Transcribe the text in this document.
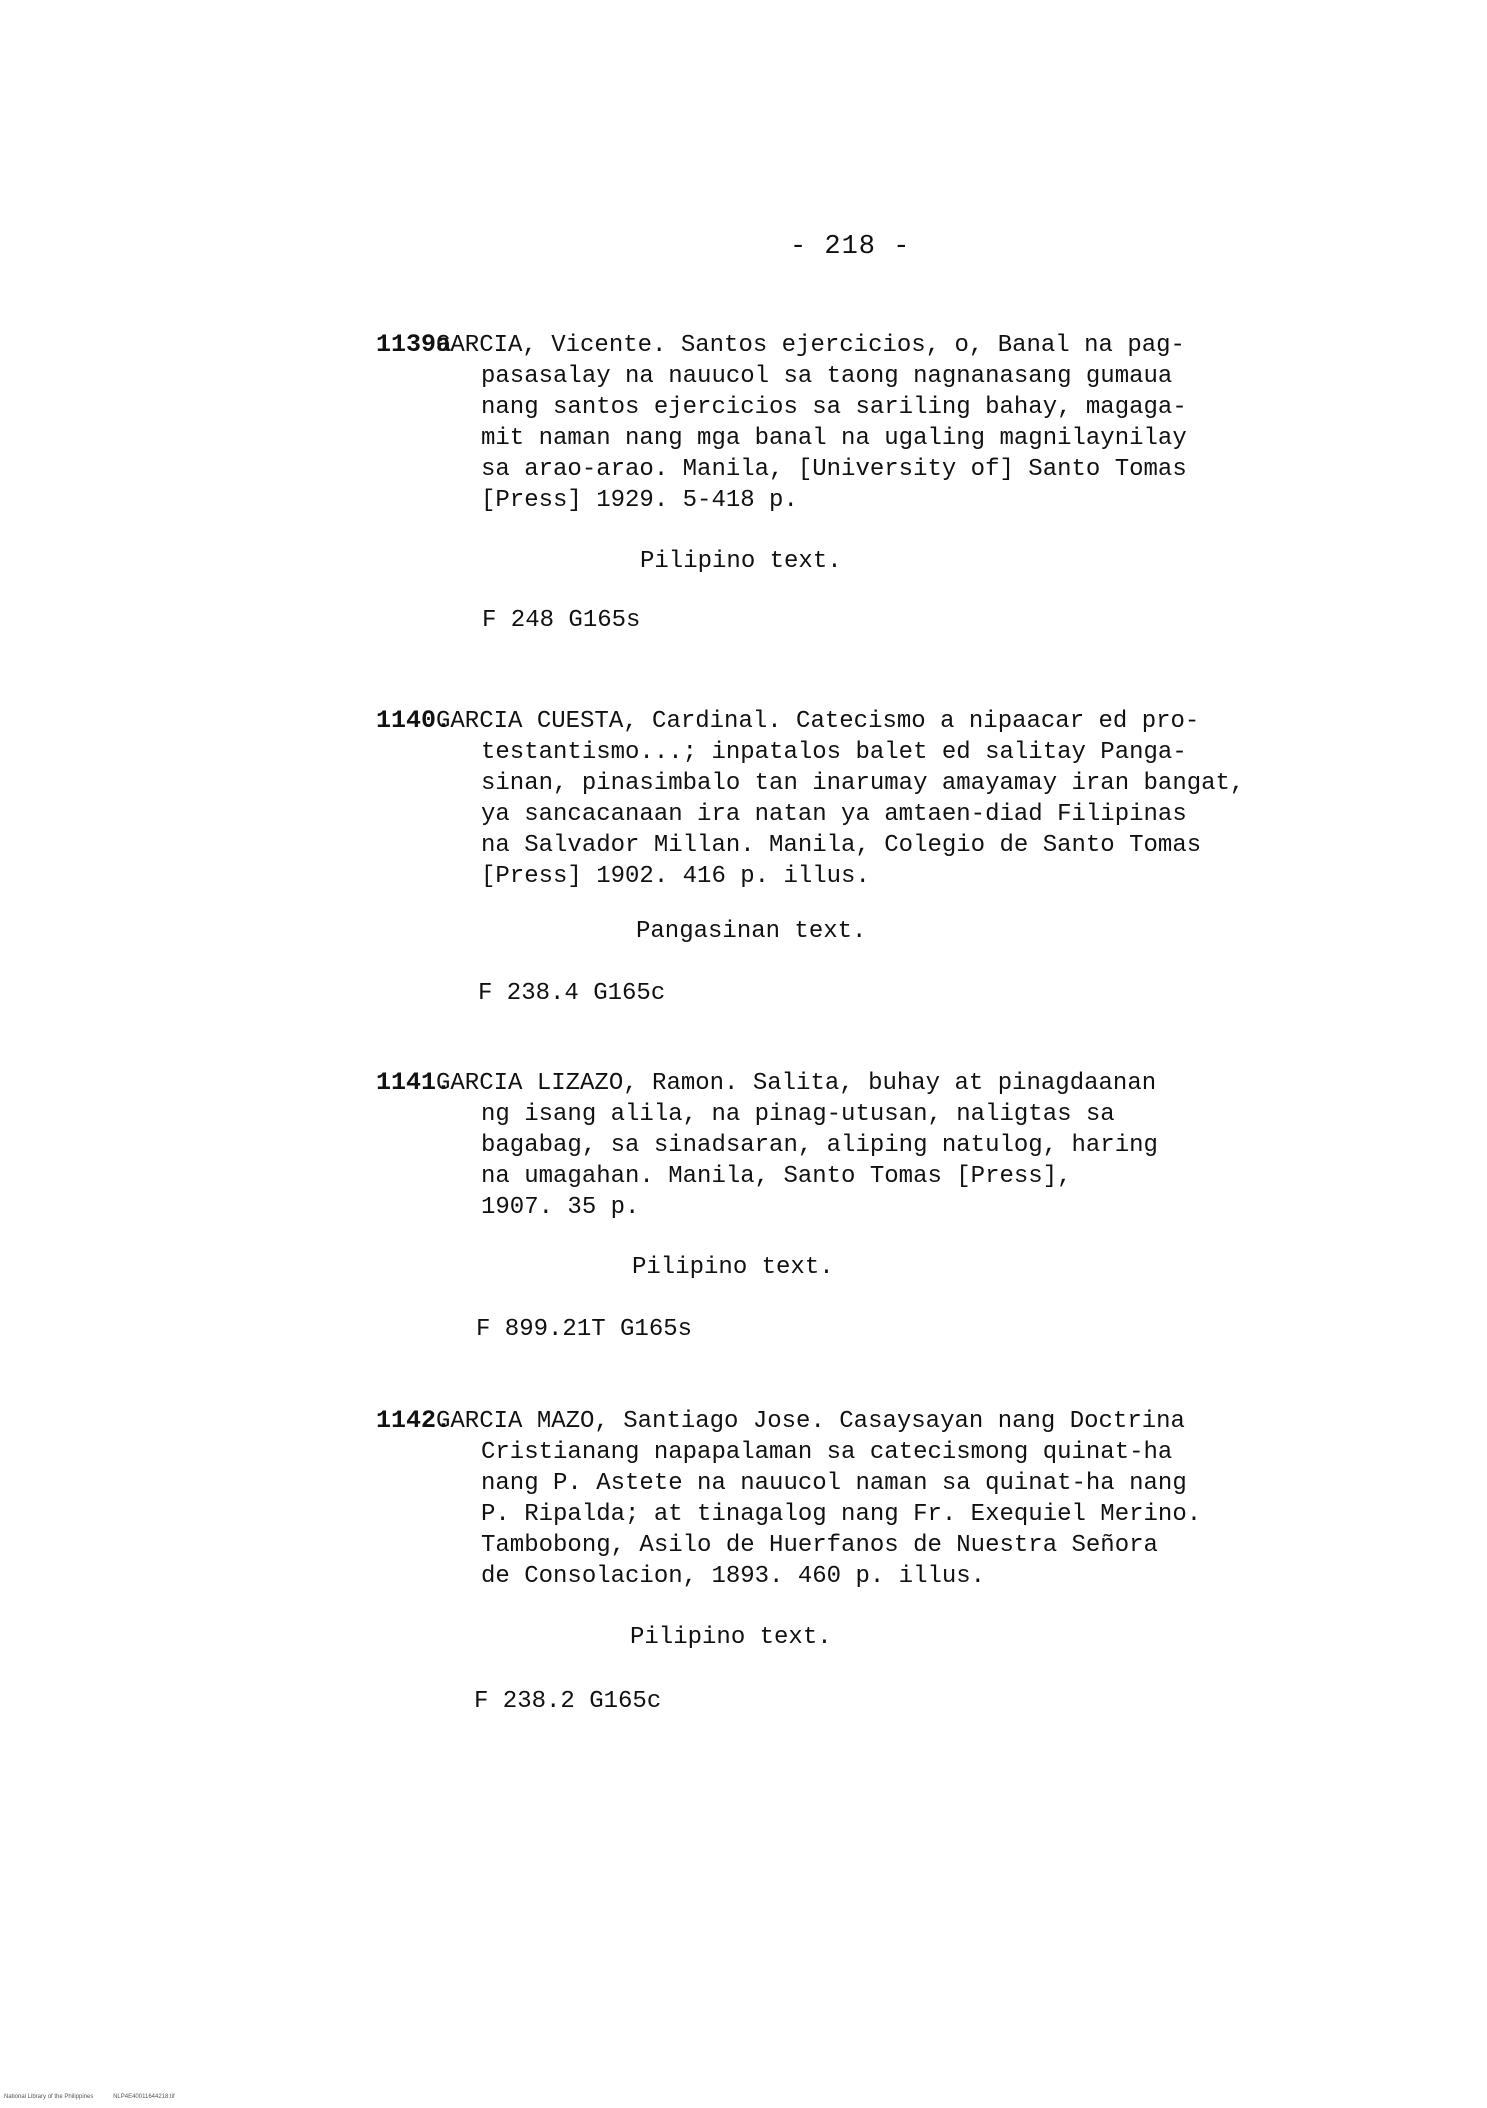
- 218 -
1139a
GARCIA, Vicente. Santos ejercicios, o, Banal na pag-
pasasalay na nauucol sa taong nagnanasang gumaua
nang santos ejercicios sa sariling bahay, magaga-
mit naman nang mga banal na ugaling magnilaynilay
sa arao-arao. Manila, [University of] Santo Tomas
[Press] 1929. 5-418 p.
Pilipino text.
F 248 G165s
1140.
GARCIA CUESTA, Cardinal. Catecismo a nipaacar ed pro-
testantismo...; inpatalos balet ed salitay Panga-
sinan, pinasimbalo tan inarumay amayamay iran bangat,
ya sancacanaan ira natan ya amtaen-diad Filipinas
na Salvador Millan. Manila, Colegio de Santo Tomas
[Press] 1902. 416 p. illus.
Pangasinan text.
F 238.4 G165c
1141.
GARCIA LIZAZO, Ramon. Salita, buhay at pinagdaanan
ng isang alila, na pinag-utusan, naligtas sa
bagabag, sa sinadsaran, aliping natulog, haring
na umagahan. Manila, Santo Tomas [Press],
1907. 35 p.
Pilipino text.
F 899.21T G165s
1142.
GARCIA MAZO, Santiago Jose. Casaysayan nang Doctrina
Cristianang napapalaman sa catecismong quinat-ha
nang P. Astete na nauucol naman sa quinat-ha nang
P. Ripalda; at tinagalog nang Fr. Exequiel Merino.
Tambobong, Asilo de Huerfanos de Nuestra Señora
de Consolacion, 1893. 460 p. illus.
Pilipino text.
F 238.2 G165c
National Library of the Philippines	NLP4E40011644218.tif
